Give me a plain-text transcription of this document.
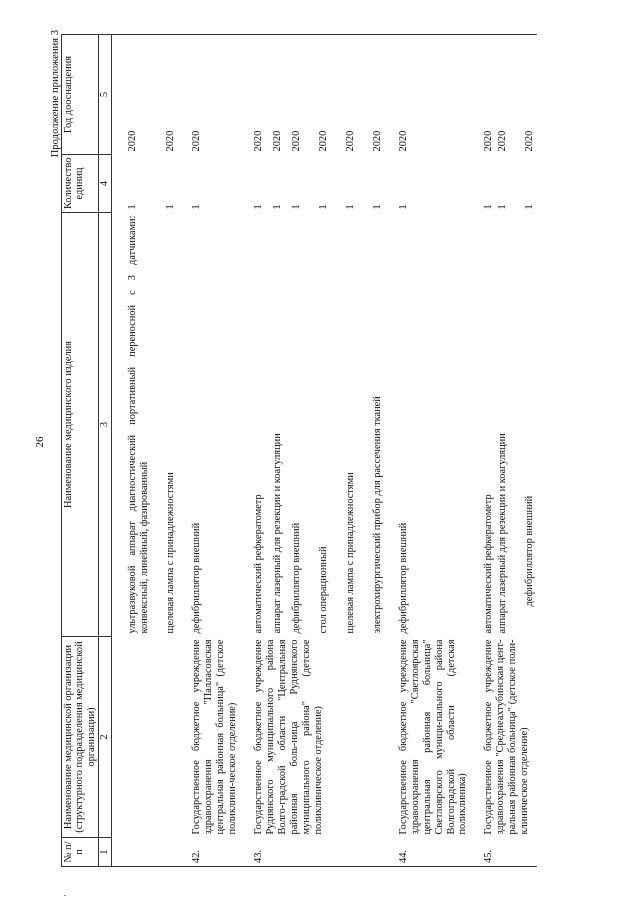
·
26
Продолжение приложения 3
№ п/п	Наименование медицинской организации (структурного подразделения медицинской организации)	Наименование медицинского изделия	Количество единиц	Год дооснащения
1	2	3	4	5

		ультразвуковой аппарат диагностический портативный переносной с 3 датчиками: конвексный, линейный, фазированный	1	2020

		щелевая лампа с принадлежностями	1	2020

42.	Государственное бюджетное учреждение здравоохранения "Палласовская центральная районная больница" (детское поликлини-ческое отделение)	дефибриллятор внешний	1	2020

43.	Государственное бюджетное учреждение Руднянского муниципального района Волго-градской области "Центральная районная боль-ница Руднянского муниципального района" (детское поликлиническое отделение)	автоматический рефкератометр	1	2020
		аппарат лазерный для резекции и коагуляции	1	2020
		дефибриллятор внешний	1	2020
		стол операционный	1	2020
		щелевая лампа с принадлежностями	1	2020
		электрохирургический прибор для рассечения тканей	1	2020

44.	Государственное бюджетное учреждение здравоохранения "Светлоярская центральная районная больница" Светлоярского муници-пального района Волгоградской области (детская поликлиника)	дефибриллятор внешний	1	2020

45.	Государственное бюджетное учреждение здравоохранения "Среднеахтубинская цент-ральная районная больница" (детское поли-клиническое отделение)	автоматический рефкератометр	1	2020
		аппарат лазерный для резекции и коагуляции	1	2020
		дефибриллятор внешний	1	2020
